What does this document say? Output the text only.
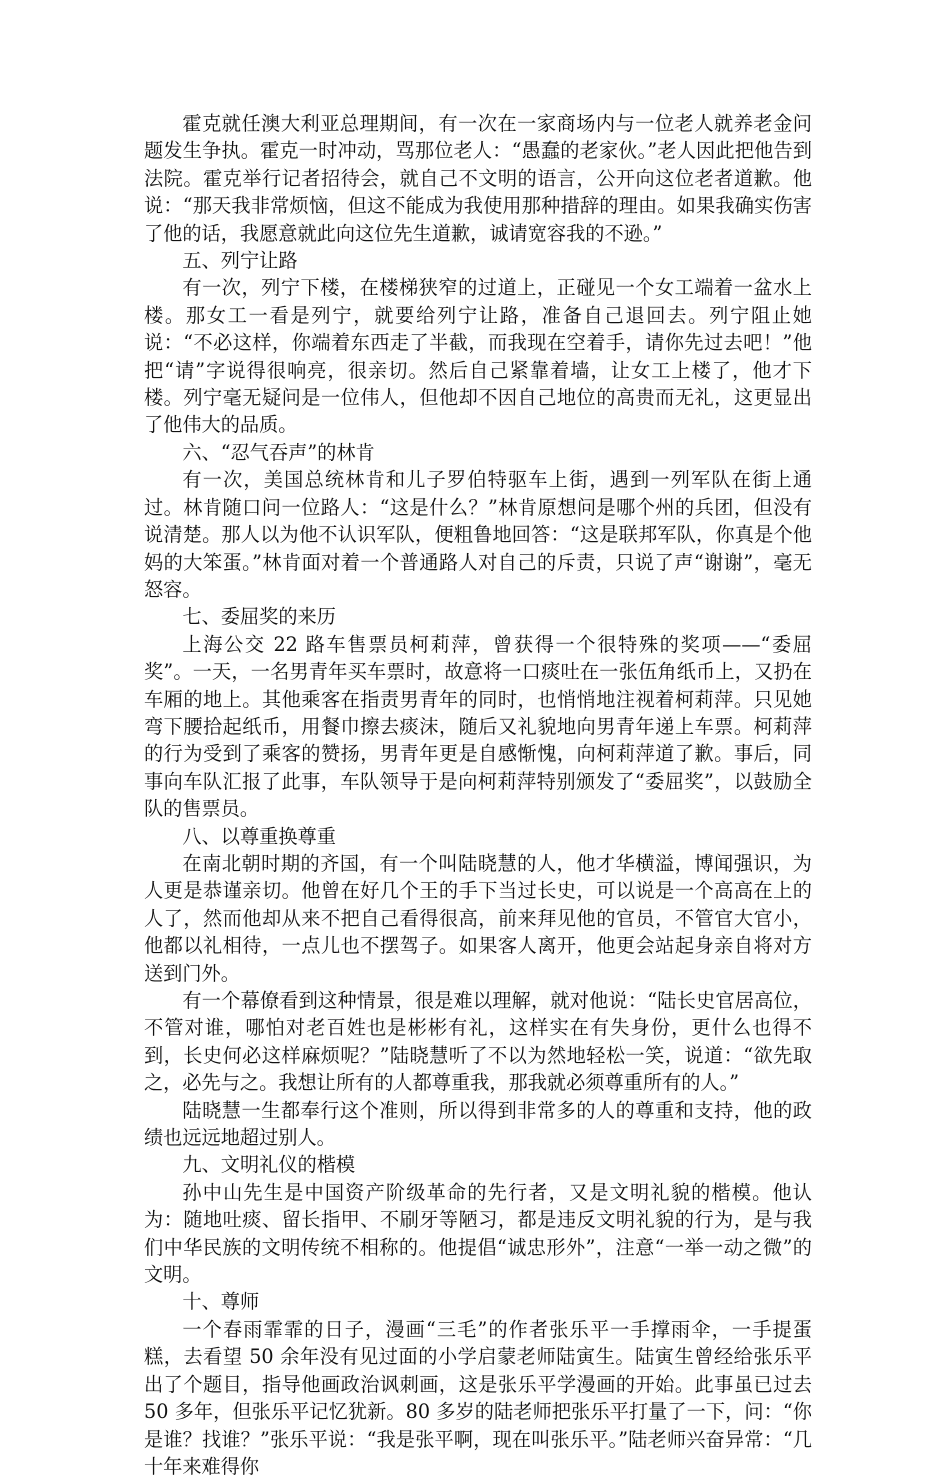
霍克就任澳大利亚总理期间，有一次在一家商场内与一位老人就养老金问题发生争执。霍克一时冲动，骂那位老人：“愚蠢的老家伙。”老人因此把他告到法院。霍克举行记者招待会，就自己不文明的语言，公开向这位老者道歉。他说：“那天我非常烦恼，但这不能成为我使用那种措辞的理由。如果我确实伤害了他的话，我愿意就此向这位先生道歉，诚请宽容我的不逊。”

五、列宁让路

有一次，列宁下楼，在楼梯狭窄的过道上，正碰见一个女工端着一盆水上楼。那女工一看是列宁，就要给列宁让路，准备自己退回去。列宁阻止她说：“不必这样，你端着东西走了半截，而我现在空着手，请你先过去吧！”他把“请”字说得很响亮，很亲切。然后自己紧靠着墙，让女工上楼了，他才下楼。列宁毫无疑问是一位伟人，但他却不因自己地位的高贵而无礼，这更显出了他伟大的品质。

六、“忍气吞声”的林肯

有一次，美国总统林肯和儿子罗伯特驱车上街，遇到一列军队在街上通过。林肯随口问一位路人：“这是什么？”林肯原想问是哪个州的兵团，但没有说清楚。那人以为他不认识军队，便粗鲁地回答：“这是联邦军队，你真是个他妈的大笨蛋。”林肯面对着一个普通路人对自己的斥责，只说了声“谢谢”，毫无怒容。

七、委屈奖的来历

上海公交 22 路车售票员柯莉萍，曾获得一个很特殊的奖项——“委屈奖”。一天，一名男青年买车票时，故意将一口痰吐在一张伍角纸币上，又扔在车厢的地上。其他乘客在指责男青年的同时，也悄悄地注视着柯莉萍。只见她弯下腰拾起纸币，用餐巾擦去痰沫，随后又礼貌地向男青年递上车票。柯莉萍的行为受到了乘客的赞扬，男青年更是自感惭愧，向柯莉萍道了歉。事后，同事向车队汇报了此事，车队领导于是向柯莉萍特别颁发了“委屈奖”，以鼓励全队的售票员。

八、以尊重换尊重

在南北朝时期的齐国，有一个叫陆晓慧的人，他才华横溢，博闻强识，为人更是恭谨亲切。他曾在好几个王的手下当过长史，可以说是一个高高在上的人了，然而他却从来不把自己看得很高，前来拜见他的官员，不管官大官小，他都以礼相待，一点儿也不摆驾子。如果客人离开，他更会站起身亲自将对方送到门外。

有一个幕僚看到这种情景，很是难以理解，就对他说：“陆长史官居高位，不管对谁，哪怕对老百姓也是彬彬有礼，这样实在有失身份，更什么也得不到，长史何必这样麻烦呢？”陆晓慧听了不以为然地轻松一笑，说道：“欲先取之，必先与之。我想让所有的人都尊重我，那我就必须尊重所有的人。”

陆晓慧一生都奉行这个准则，所以得到非常多的人的尊重和支持，他的政绩也远远地超过别人。

九、文明礼仪的楷模

孙中山先生是中国资产阶级革命的先行者，又是文明礼貌的楷模。他认为：随地吐痰、留长指甲、不刷牙等陋习，都是违反文明礼貌的行为，是与我们中华民族的文明传统不相称的。他提倡“诚忠形外”，注意“一举一动之微”的文明。

十、尊师

一个春雨霏霏的日子，漫画“三毛”的作者张乐平一手撑雨伞，一手提蛋糕，去看望 50 余年没有见过面的小学启蒙老师陆寅生。陆寅生曾经给张乐平出了个题目，指导他画政治讽刺画，这是张乐平学漫画的开始。此事虽已过去 50 多年，但张乐平记忆犹新。80 多岁的陆老师把张乐平打量了一下，问：“你是谁？找谁？”张乐平说：“我是张平啊，现在叫张乐平。”陆老师兴奋异常：“几十年来难得你
